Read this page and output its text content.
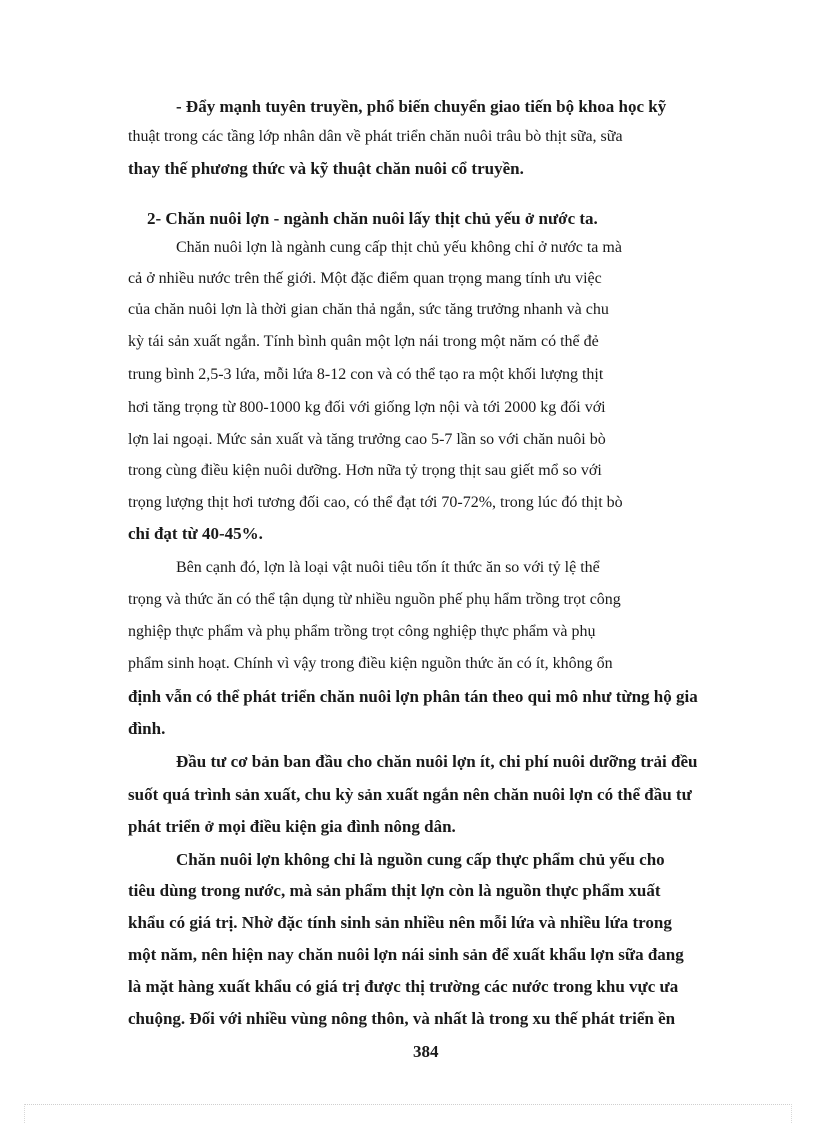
- Đẩy mạnh tuyên truyền, phổ biến chuyển giao tiến bộ khoa học kỹ
thuật trong các tầng lớp nhân dân về phát triển chăn nuôi trâu bò thịt sữa, sữa
thay thế phương thức và kỹ thuật chăn nuôi cổ truyền.
2- Chăn nuôi lợn - ngành chăn nuôi lấy thịt chủ yếu ở nước ta.
Chăn nuôi lợn là ngành cung cấp thịt chủ yếu không chỉ ở nước ta mà
cả ở nhiều nước trên thế giới. Một đặc điểm quan trọng mang tính ưu việc
của chăn nuôi lợn là thời gian chăn thả ngắn, sức tăng trưởng nhanh và chu
kỳ tái sản xuất ngắn. Tính bình quân một lợn nái trong một năm có thể đẻ
trung bình 2,5-3 lứa, mỗi lứa 8-12 con và có thể tạo ra một khối lượng thịt
hơi tăng trọng từ 800-1000 kg đối với giống lợn nội và tới 2000 kg đối với
lợn lai ngoại. Mức sản xuất và tăng trưởng cao 5-7 lần so với chăn nuôi bò
trong cùng điều kiện nuôi dưỡng. Hơn nữa tỷ trọng thịt sau giết mổ so với
trọng lượng thịt hơi tương đối cao, có thể đạt tới 70-72%, trong lúc đó thịt bò
chỉ đạt từ 40-45%.
Bên cạnh đó, lợn là loại vật nuôi tiêu tốn ít thức ăn so với tỷ lệ thể
trọng và thức ăn có thể tận dụng từ nhiều nguồn phế phụ hẩm trồng trọt công
nghiệp thực phẩm và phụ phẩm trồng trọt công nghiệp thực phẩm và phụ
phẩm sinh hoạt. Chính vì vậy trong điều kiện nguồn thức ăn có ít, không ổn
định vẫn có thể phát triển chăn nuôi lợn phân tán theo qui mô như từng hộ gia
đình.
Đầu tư cơ bản ban đầu cho chăn nuôi lợn ít, chi phí nuôi dưỡng trải đều
suốt quá trình sản xuất, chu kỳ sản xuất ngắn nên chăn nuôi lợn có thể đầu tư
phát triển ở mọi điều kiện gia đình nông dân.
Chăn nuôi lợn không chỉ là nguồn cung cấp thực phẩm chủ yếu cho
tiêu dùng trong nước, mà sản phẩm thịt lợn còn là nguồn thực phẩm xuất
khẩu có giá trị. Nhờ đặc tính sinh sản nhiều nên mỗi lứa và nhiều lứa trong
một năm, nên hiện nay chăn nuôi lợn nái sinh sản để xuất khẩu lợn sữa đang
là mặt hàng xuất khẩu có giá trị được thị trường các nước trong khu vực ưa
chuộng. Đối với nhiều vùng nông thôn, và nhất là trong xu thế phát triển ền
384
